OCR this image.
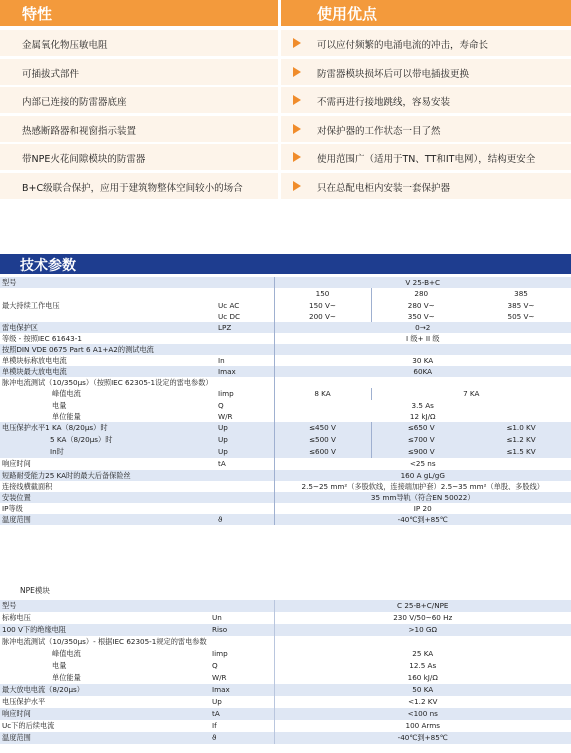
特性	使用优点
金属氧化物压敏电阻	可以应付频繁的电涌电流的冲击，寿命长
可插拔式部件	防雷器模块损坏后可以带电插拔更换
内部已连接的防雷器底座	不需再进行接地跳线，容易安装
热感断路器和视窗指示装置	对保护器的工作状态一目了然
带NPE火花间隙模块的防雷器	使用范围广（适用于TN、TT和IT电网），结构更安全
B+C级联合保护，应用于建筑物整体空间较小的场合	只在总配电柜内安装一套保护器
技术参数
型号		V 25-B+C		
		150	280	385
最大持续工作电压	Uc AC	150 V~	280 V~	385 V~
	Uc DC	200 V~	350 V~	505 V~
雷电保护区	LPZ	0→2		
等级 - 按照IEC 61643-1		I 级+ II 级		
按照DIN VDE 0675 Part 6 A1+A2的测试电流				
单模块标称放电电流	In	30 KA		
单模块最大放电电流	Imax	60KA		
脉冲电流测试（10/350μs）（按照IEC 62305-1设定的雷电参数）				
峰值电流	Iimp	8 KA	7 KA	
电量	Q	3.5 As		
单位能量	W/R	12 kJ/Ω		
电压保护水平1 KA（8/20μs）时	Up	≤450 V	≤650 V	≤1.0 KV
5 KA（8/20μs）时	Up	≤500 V	≤700 V	≤1.2 KV
In时	Up	≤600 V	≤900 V	≤1.5 KV
响应时间	tA	<25 ns		
短路耐受能力25 KA时的最大后备保险丝		160 A gL/gG		
连接线横截面积		2.5~25 mm²（多股软线，连接端加护套）2.5~35 mm²（单股、多股线）		
安装位置		35 mm导轨（符合EN 50022）		
IP等级		IP 20		
温度范围	ϑ	-40℃到+85℃		
NPE模块
型号		C 25-B+C/NPE
标称电压	Un	230 V/50~60 Hz
100 V下的绝缘电阻	Riso	>10 GΩ
脉冲电流测试（10/350μs）- 根据IEC 62305-1规定的雷电参数		
峰值电流	Iimp	25 KA
电量	Q	12.5 As
单位能量	W/R	160 kJ/Ω
最大放电电流（8/20μs）	Imax	50 KA
电压保护水平	Up	<1.2 KV
响应时间	tA	<100 ns
Uc下的后续电流	If	100 Arms
温度范围	ϑ	-40℃到+85℃
